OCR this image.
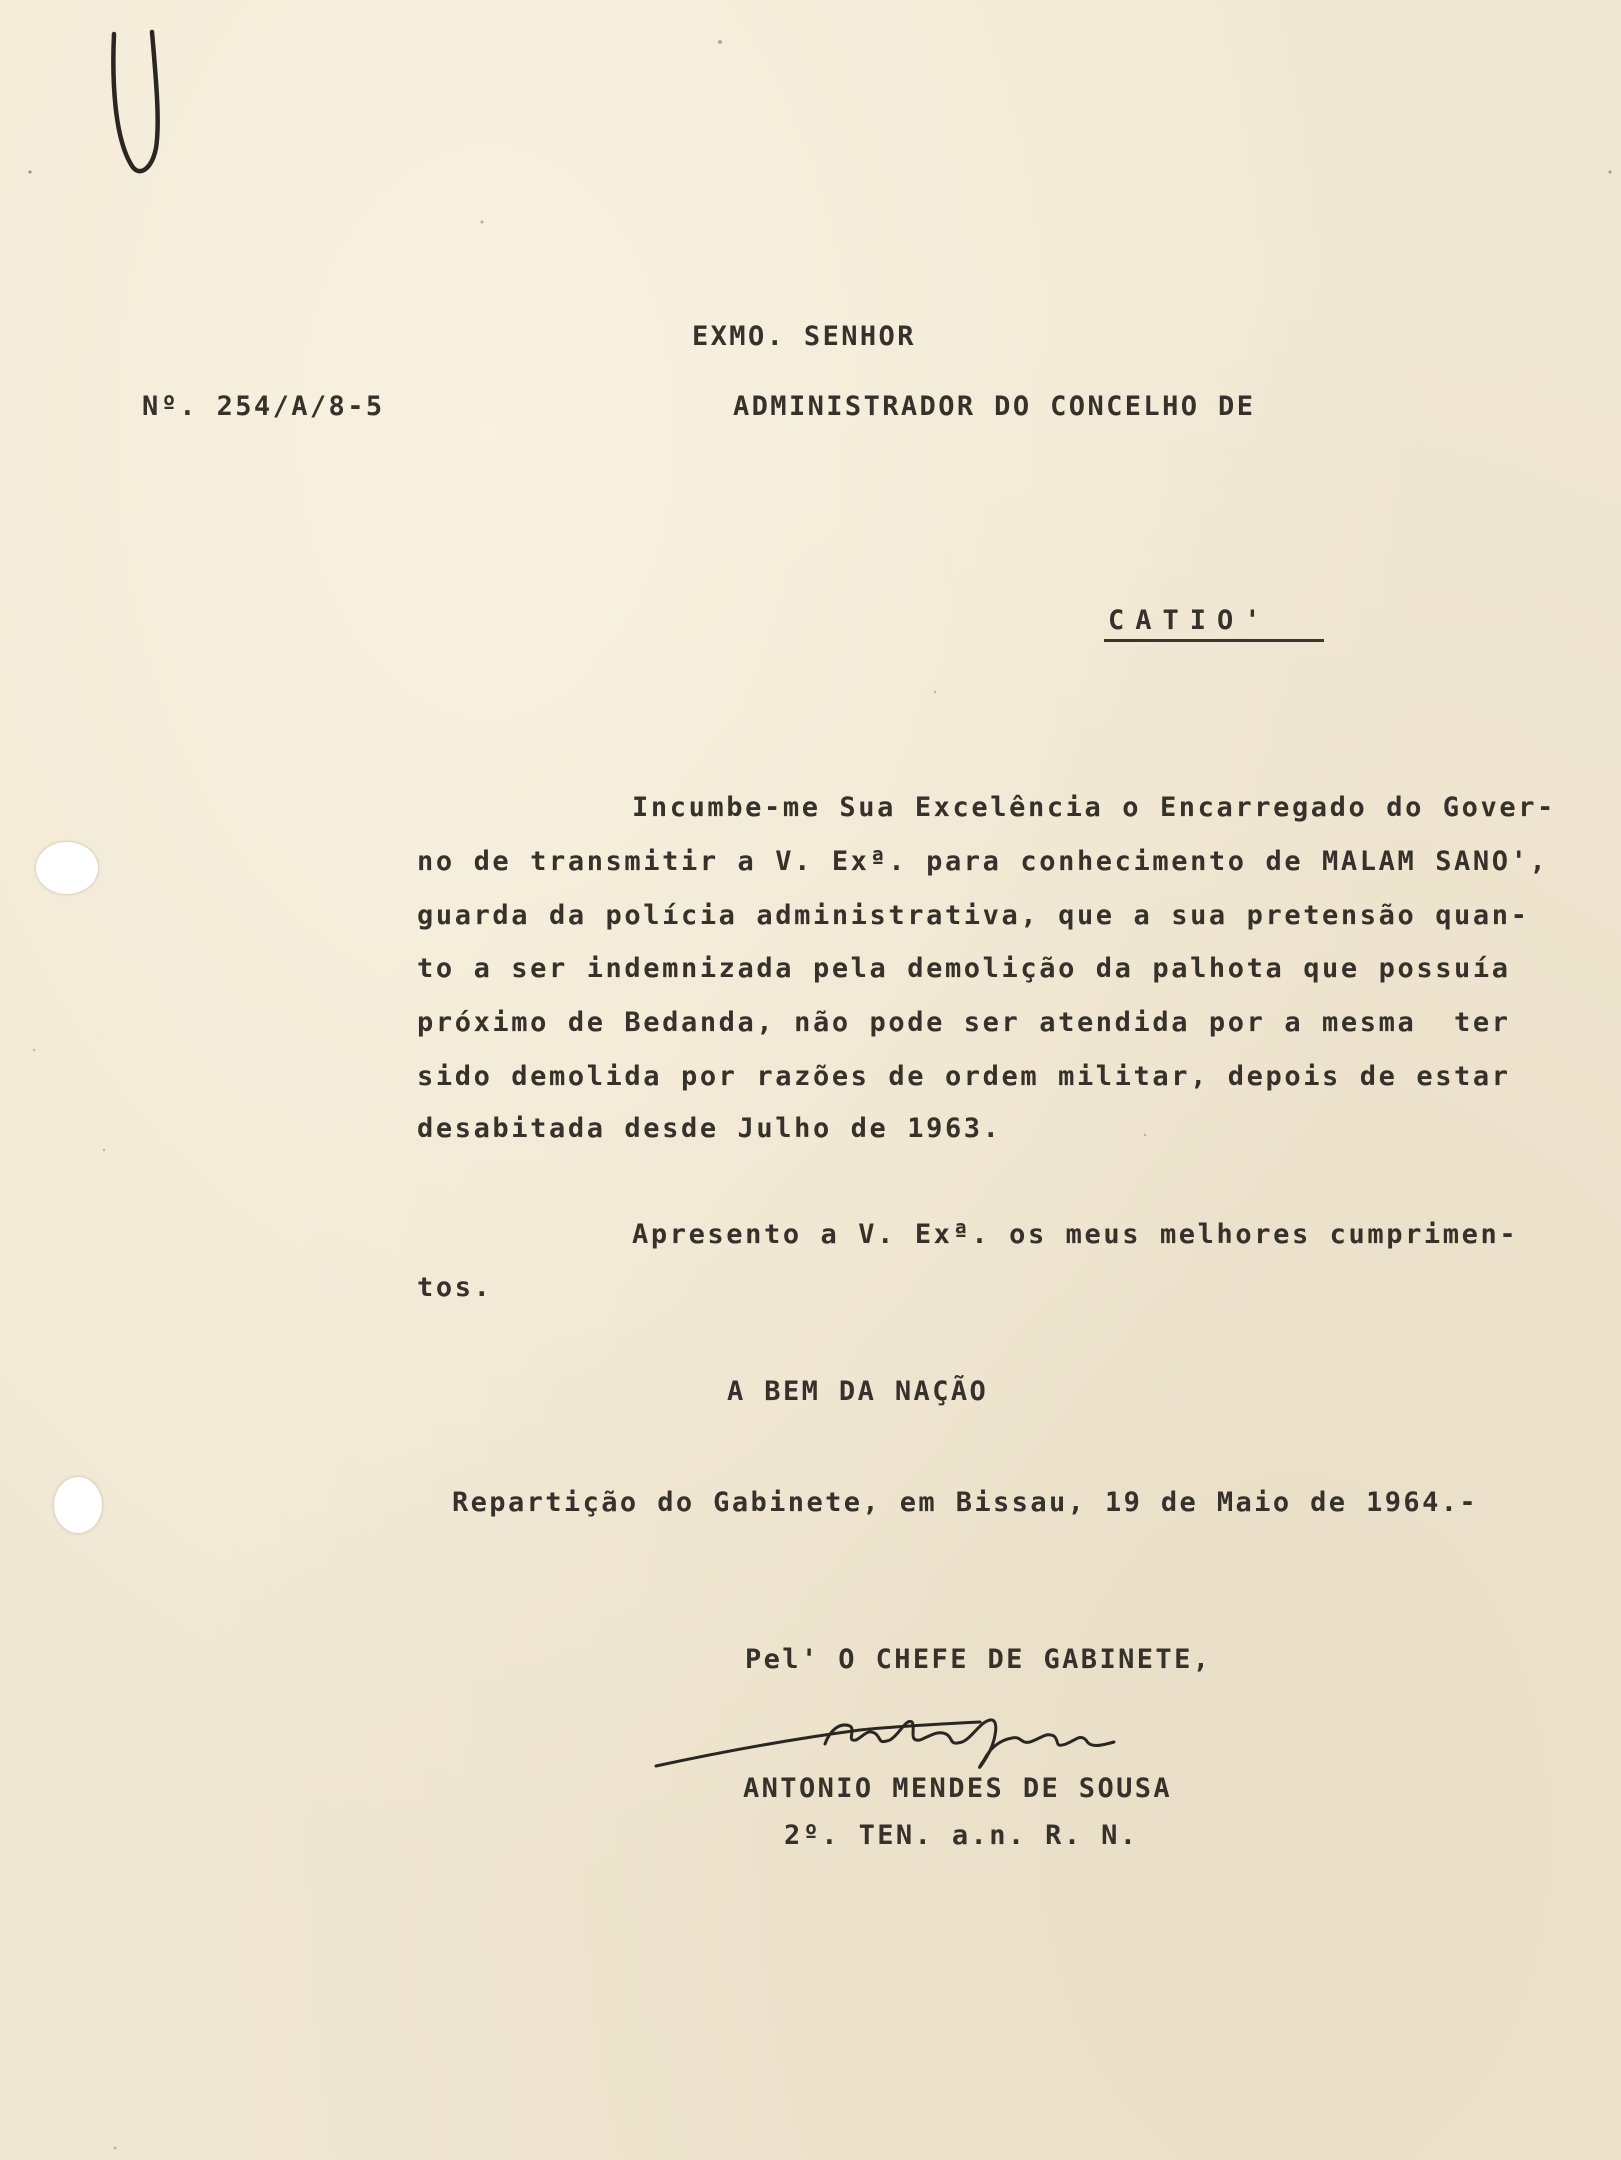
EXMO. SENHOR
Nº. 254/A/8-5	ADMINISTRADOR DO CONCELHO DE
CATIO'
Incumbe-me Sua Excelência o Encarregado do Gover-
no de transmitir a V. Exª. para conhecimento de MALAM SANO',
guarda da polícia administrativa, que a sua pretensão quan-
to a ser indemnizada pela demolição da palhota que possuía
próximo de Bedanda, não pode ser atendida por a mesma  ter
sido demolida por razões de ordem militar, depois de estar
desabitada desde Julho de 1963.
Apresento a V. Exª. os meus melhores cumprimen-
tos.
A BEM DA NAÇÃO
Repartição do Gabinete, em Bissau, 19 de Maio de 1964.-
Pel' O CHEFE DE GABINETE,
ANTONIO MENDES DE SOUSA
2º. TEN. a.n. R. N.
